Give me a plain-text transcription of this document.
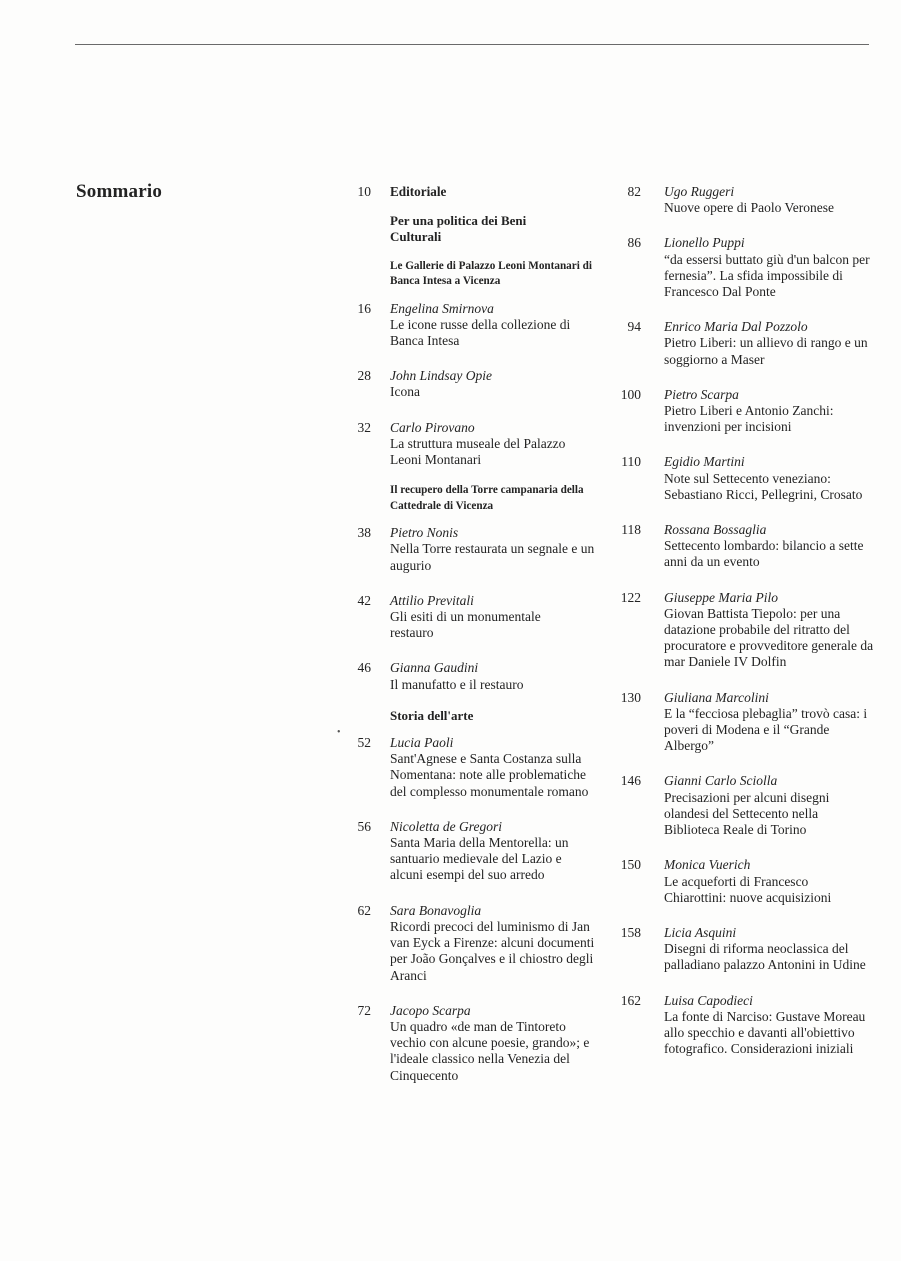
Sommario
•
10	Editoriale
Per una politica dei Beni Culturali
Le Gallerie di Palazzo Leoni Montanari di Banca Intesa a Vicenza
16	Engelina Smirnova
Le icone russe della collezione di Banca Intesa
28	John Lindsay Opie
Icona
32	Carlo Pirovano
La struttura museale del Palazzo Leoni Montanari
Il recupero della Torre campanaria della Cattedrale di Vicenza
38	Pietro Nonis
Nella Torre restaurata un segnale e un augurio
42	Attilio Previtali
Gli esiti di un monumentale restauro
46	Gianna Gaudini
Il manufatto e il restauro
Storia dell'arte
52	Lucia Paoli
Sant'Agnese e Santa Costanza sulla Nomentana: note alle problematiche del complesso monumentale romano
56	Nicoletta de Gregori
Santa Maria della Mentorella: un santuario medievale del Lazio e alcuni esempi del suo arredo
62	Sara Bonavoglia
Ricordi precoci del luminismo di Jan van Eyck a Firenze: alcuni documenti per João Gonçalves e il chiostro degli Aranci
72	Jacopo Scarpa
Un quadro «de man de Tintoreto vechio con alcune poesie, grando»; e l'ideale classico nella Venezia del Cinquecento
82	Ugo Ruggeri
Nuove opere di Paolo Veronese
86	Lionello Puppi
“da essersi buttato giù d'un balcon per fernesia”. La sfida impossibile di Francesco Dal Ponte
94	Enrico Maria Dal Pozzolo
Pietro Liberi: un allievo di rango e un soggiorno a Maser
100	Pietro Scarpa
Pietro Liberi e Antonio Zanchi: invenzioni per incisioni
110	Egidio Martini
Note sul Settecento veneziano: Sebastiano Ricci, Pellegrini, Crosato
118	Rossana Bossaglia
Settecento lombardo: bilancio a sette anni da un evento
122	Giuseppe Maria Pilo
Giovan Battista Tiepolo: per una datazione probabile del ritratto del procuratore e provveditore generale da mar Daniele IV Dolfin
130	Giuliana Marcolini
E la “fecciosa plebaglia” trovò casa: i poveri di Modena e il “Grande Albergo”
146	Gianni Carlo Sciolla
Precisazioni per alcuni disegni olandesi del Settecento nella Biblioteca Reale di Torino
150	Monica Vuerich
Le acqueforti di Francesco Chiarottini: nuove acquisizioni
158	Licia Asquini
Disegni di riforma neoclassica del palladiano palazzo Antonini in Udine
162	Luisa Capodieci
La fonte di Narciso: Gustave Moreau allo specchio e davanti all'obiettivo fotografico. Considerazioni iniziali
